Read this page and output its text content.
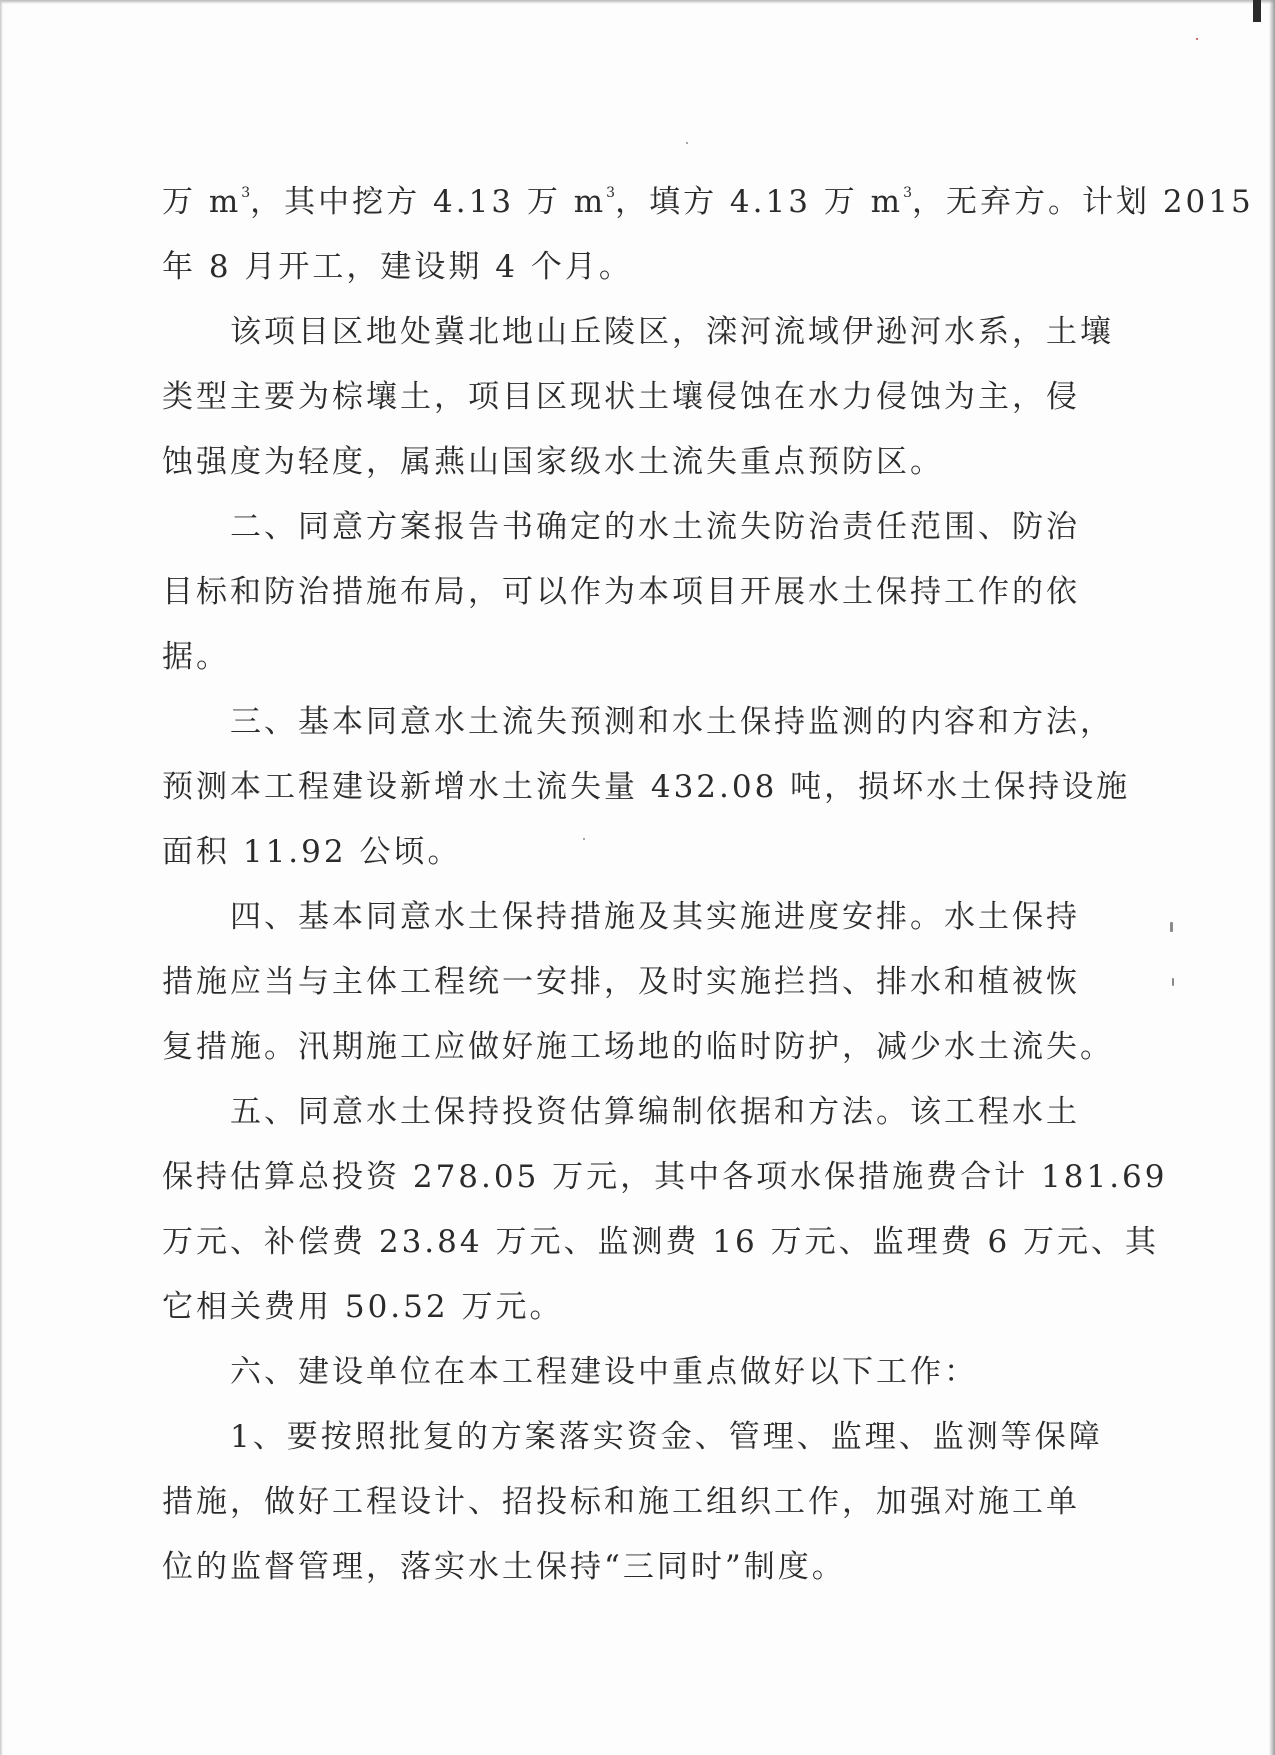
万 $m^3$，其中挖方 4.13 万 $m^3$，填方 4.13 万 $m^3$，无弃方。计划 2015
年 8 月开工，建设期 4 个月。
该项目区地处冀北地山丘陵区，滦河流域伊逊河水系，土壤
类型主要为棕壤土，项目区现状土壤侵蚀在水力侵蚀为主，侵
蚀强度为轻度，属燕山国家级水土流失重点预防区。
二、同意方案报告书确定的水土流失防治责任范围、防治
目标和防治措施布局，可以作为本项目开展水土保持工作的依
据。
三、基本同意水土流失预测和水土保持监测的内容和方法，
预测本工程建设新增水土流失量 432.08 吨，损坏水土保持设施
面积 11.92 公顷。
四、基本同意水土保持措施及其实施进度安排。水土保持
措施应当与主体工程统一安排，及时实施拦挡、排水和植被恢
复措施。汛期施工应做好施工场地的临时防护，减少水土流失。
五、同意水土保持投资估算编制依据和方法。该工程水土
保持估算总投资 278.05 万元，其中各项水保措施费合计 181.69
万元、补偿费 23.84 万元、监测费 16 万元、监理费 6 万元、其
它相关费用 50.52 万元。
六、建设单位在本工程建设中重点做好以下工作：
1、要按照批复的方案落实资金、管理、监理、监测等保障
措施，做好工程设计、招投标和施工组织工作，加强对施工单
位的监督管理，落实水土保持“三同时”制度。
